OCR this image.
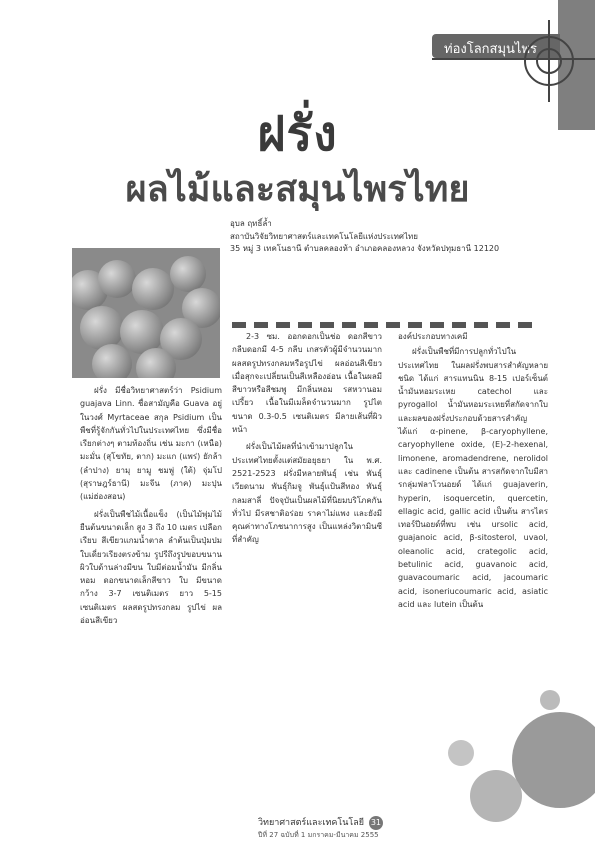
ท่องโลกสมุนไพร
ฝรั่ง
ผลไม้และสมุนไพรไทย
อุบล ฤทธิ์ล้ำ
สถาบันวิจัยวิทยาศาสตร์และเทคโนโลยีแห่งประเทศไทย
35 หมู่ 3 เทคโนธานี ตำบลคลองห้า อำเภอคลองหลวง จังหวัดปทุมธานี 12120

ฝรั่ง มีชื่อวิทยาศาสตร์ว่า Psidium guajava Linn. ชื่อสามัญคือ Guava อยู่ในวงศ์ Myrtaceae สกุล Psidium เป็นพืชที่รู้จักกันทั่วไปในประเทศไทย ซึ่งมีชื่อเรียกต่างๆ ตามท้องถิ่น เช่น มะกา (เหนือ) มะมั่น (สุโขทัย, ตาก) มะแก (แพร่) ยักล้า (ลำปาง) ยามุ ยามู ชมพู่ (ใต้) จุ่มโป (สุราษฎร์ธานี) มะจีน (ภาค) มะปุน (แม่ฮ่องสอน)

ฝรั่งเป็นพืชไม้เนื้อแข็ง (เป็นไม้พุ่มไม้ยืนต้นขนาดเล็ก สูง 3 ถึง 10 เมตร เปลือกเรียบ สีเขียวแกมน้ำตาล ลำต้นเป็นปุ่มปม ใบเดี่ยวเรียงตรงข้าม รูปรีถึงรูปขอบขนาน ผิวใบด้านล่างมีขน ใบมีต่อมน้ำมัน มีกลิ่นหอม ดอกขนาดเล็กสีขาว ใบ มีขนาดกว้าง 3-7 เซนติเมตร ยาว 5-15 เซนติเมตร ผลสดรูปทรงกลม รูปไข่ ผลอ่อนสีเขียว

2-3 ซม. ออกดอกเป็นช่อ ดอกสีขาว กลีบดอกมี 4-5 กลีบ เกสรตัวผู้มีจำนวนมาก ผลสดรูปทรงกลมหรือรูปไข่ ผลอ่อนสีเขียว เมื่อสุกจะเปลี่ยนเป็นสีเหลืองอ่อน เนื้อในผลมีสีขาวหรือสีชมพู มีกลิ่นหอม รสหวานอมเปรี้ยว เนื้อในมีเมล็ดจำนวนมาก รูปไต ขนาด 0.3-0.5 เซนติเมตร มีลายเส้นที่ผิวหน้า

ฝรั่งเป็นไม้ผลที่นำเข้ามาปลูกในประเทศไทยตั้งแต่สมัยอยุธยา ใน พ.ศ. 2521-2523 ฝรั่งมีหลายพันธุ์ เช่น พันธุ์เวียดนาม พันธุ์กิมจู พันธุ์แป้นสีทอง พันธุ์กลมสาลี่ ปัจจุบันเป็นผลไม้ที่นิยมบริโภคกันทั่วไป มีรสชาติอร่อย ราคาไม่แพง และยังมีคุณค่าทางโภชนาการสูง เป็นแหล่งวิตามินซีที่สำคัญ

องค์ประกอบทางเคมี

ฝรั่งเป็นพืชที่มีการปลูกทั่วไปในประเทศไทย ในผลฝรั่งพบสารสำคัญหลายชนิด ได้แก่ สารแทนนิน 8-15 เปอร์เซ็นต์ น้ำมันหอมระเหย catechol และ pyrogallol น้ำมันหอมระเหยที่สกัดจากใบและผลของฝรั่งประกอบด้วยสารสำคัญ ได้แก่ α-pinene, β-caryophyllene, caryophyllene oxide, (E)-2-hexenal, limonene, aromadendrene, nerolidol และ cadinene เป็นต้น สารสกัดจากใบมีสารกลุ่มฟลาโวนอยด์ ได้แก่ guajaverin, hyperin, isoquercetin, quercetin, ellagic acid, gallic acid เป็นต้น สารไตรเทอร์ปีนอยด์ที่พบ เช่น ursolic acid, guajanoic acid, β-sitosterol, uvaol, oleanolic acid, crategolic acid, betulinic acid, guavanoic acid, guavacoumaric acid, jacoumaric acid, isoneriucoumaric acid, asiatic acid และ lutein เป็นต้น

วิทยาศาสตร์และเทคโนโลยี 31
ปีที่ 27 ฉบับที่ 1 มกราคม-มีนาคม 2555
